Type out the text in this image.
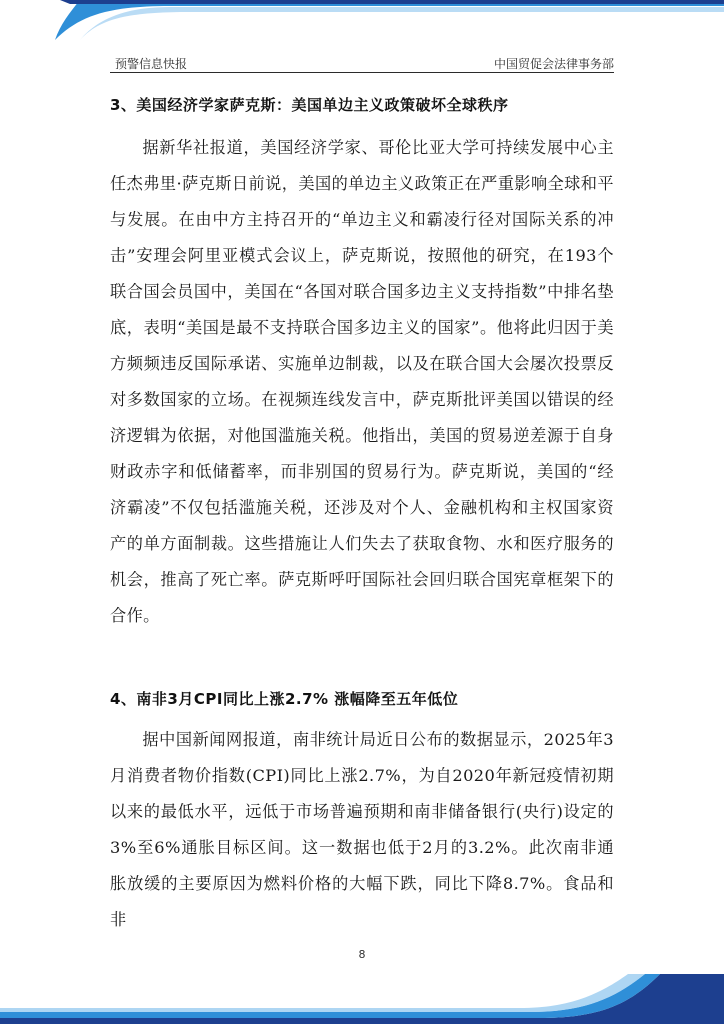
预警信息快报	中国贸促会法律事务部
3、美国经济学家萨克斯：美国单边主义政策破坏全球秩序

据新华社报道，美国经济学家、哥伦比亚大学可持续发展中心主任杰弗里·萨克斯日前说，美国的单边主义政策正在严重影响全球和平与发展。在由中方主持召开的“单边主义和霸凌行径对国际关系的冲击”安理会阿里亚模式会议上，萨克斯说，按照他的研究，在193个联合国会员国中，美国在“各国对联合国多边主义支持指数”中排名垫底，表明“美国是最不支持联合国多边主义的国家”。他将此归因于美方频频违反国际承诺、实施单边制裁，以及在联合国大会屡次投票反对多数国家的立场。在视频连线发言中，萨克斯批评美国以错误的经济逻辑为依据，对他国滥施关税。他指出，美国的贸易逆差源于自身财政赤字和低储蓄率，而非别国的贸易行为。萨克斯说，美国的“经济霸凌”不仅包括滥施关税，还涉及对个人、金融机构和主权国家资产的单方面制裁。这些措施让人们失去了获取食物、水和医疗服务的机会，推高了死亡率。萨克斯呼吁国际社会回归联合国宪章框架下的合作。

4、南非3月CPI同比上涨2.7% 涨幅降至五年低位

据中国新闻网报道，南非统计局近日公布的数据显示，2025年3月消费者物价指数(CPI)同比上涨2.7%，为自2020年新冠疫情初期以来的最低水平，远低于市场普遍预期和南非储备银行(央行)设定的3%至6%通胀目标区间。这一数据也低于2月的3.2%。此次南非通胀放缓的主要原因为燃料价格的大幅下跌，同比下降8.7%。食品和非

8
